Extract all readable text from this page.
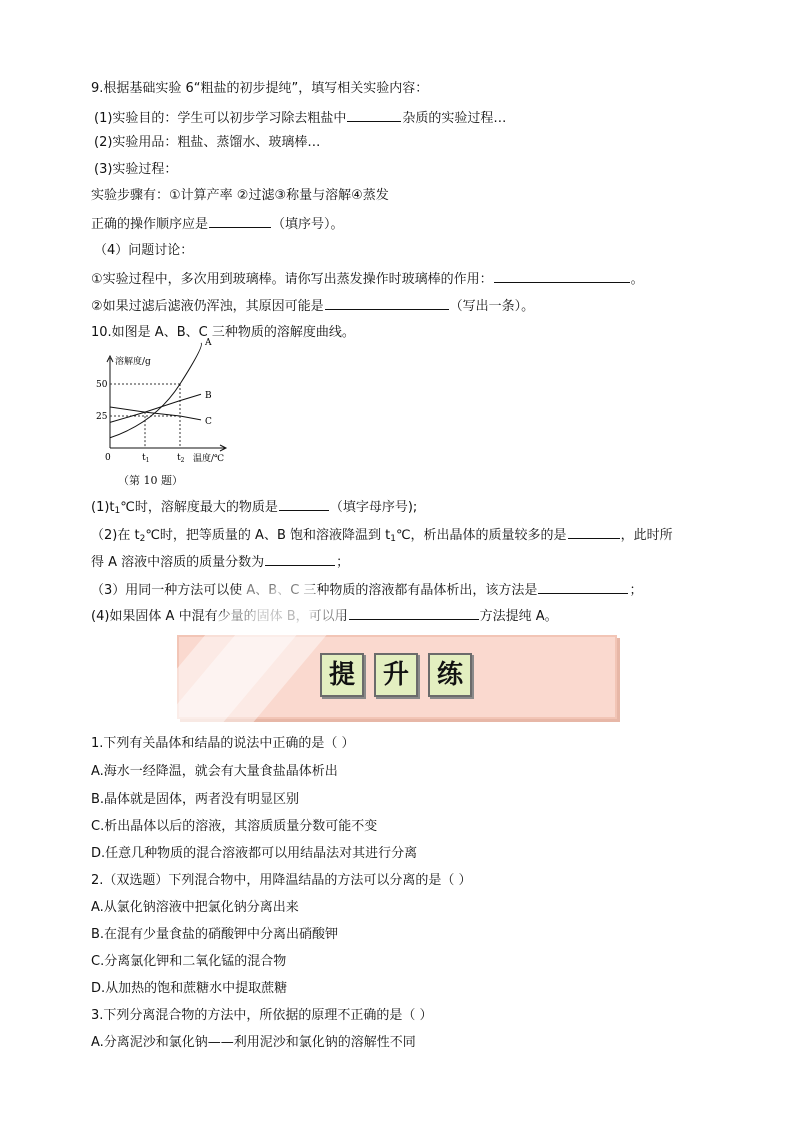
9.根据基础实验 6“粗盐的初步提纯”，填写相关实验内容：
(1)实验目的：学生可以初步学习除去粗盐中	杂质的实验过程…
(2)实验用品：粗盐、蒸馏水、玻璃棒…
(3)实验过程：
实验步骤有：①计算产率 ②过滤③称量与溶解④蒸发
正确的操作顺序应是	（填序号）。
（4）问题讨论：
①实验过程中，多次用到玻璃棒。请你写出蒸发操作时玻璃棒的作用：	。
②如果过滤后滤液仍浑浊，其原因可能是	（写出一条）。
10.如图是 A、B、C 三种物质的溶解度曲线。
A
B
C
50
25
0	$t_1$	$t_2$
溶解度/g
温度/℃
（第 10 题）
$(1)t_1℃$时，溶解度最大的物质是	（填字母序号);
（2)在 $t_2℃$时，把等质量的 A、B 饱和溶液降温到 $t_1℃$，析出晶体的质量较多的是	，此时所
得 A 溶液中溶质的质量分数为	；
（3）用同一种方法可以使 A、B、C 三种物质的溶液都有晶体析出，该方法是	；
(4)如果固体 A 中混有少量的固体 B，可以用	方法提纯 A。
提	升	练
1.下列有关晶体和结晶的说法中正确的是（ ）
A.海水一经降温，就会有大量食盐晶体析出
B.晶体就是固体，两者没有明显区别
C.析出晶体以后的溶液，其溶质质量分数可能不变
D.任意几种物质的混合溶液都可以用结晶法对其进行分离
2.（双选题）下列混合物中，用降温结晶的方法可以分离的是（ ）
A.从氯化钠溶液中把氯化钠分离出来
B.在混有少量食盐的硝酸钾中分离出硝酸钾
C.分离氯化钾和二氧化锰的混合物
D.从加热的饱和蔗糖水中提取蔗糖
3.下列分离混合物的方法中，所依据的原理不正确的是（ ）
A.分离泥沙和氯化钠——利用泥沙和氯化钠的溶解性不同
